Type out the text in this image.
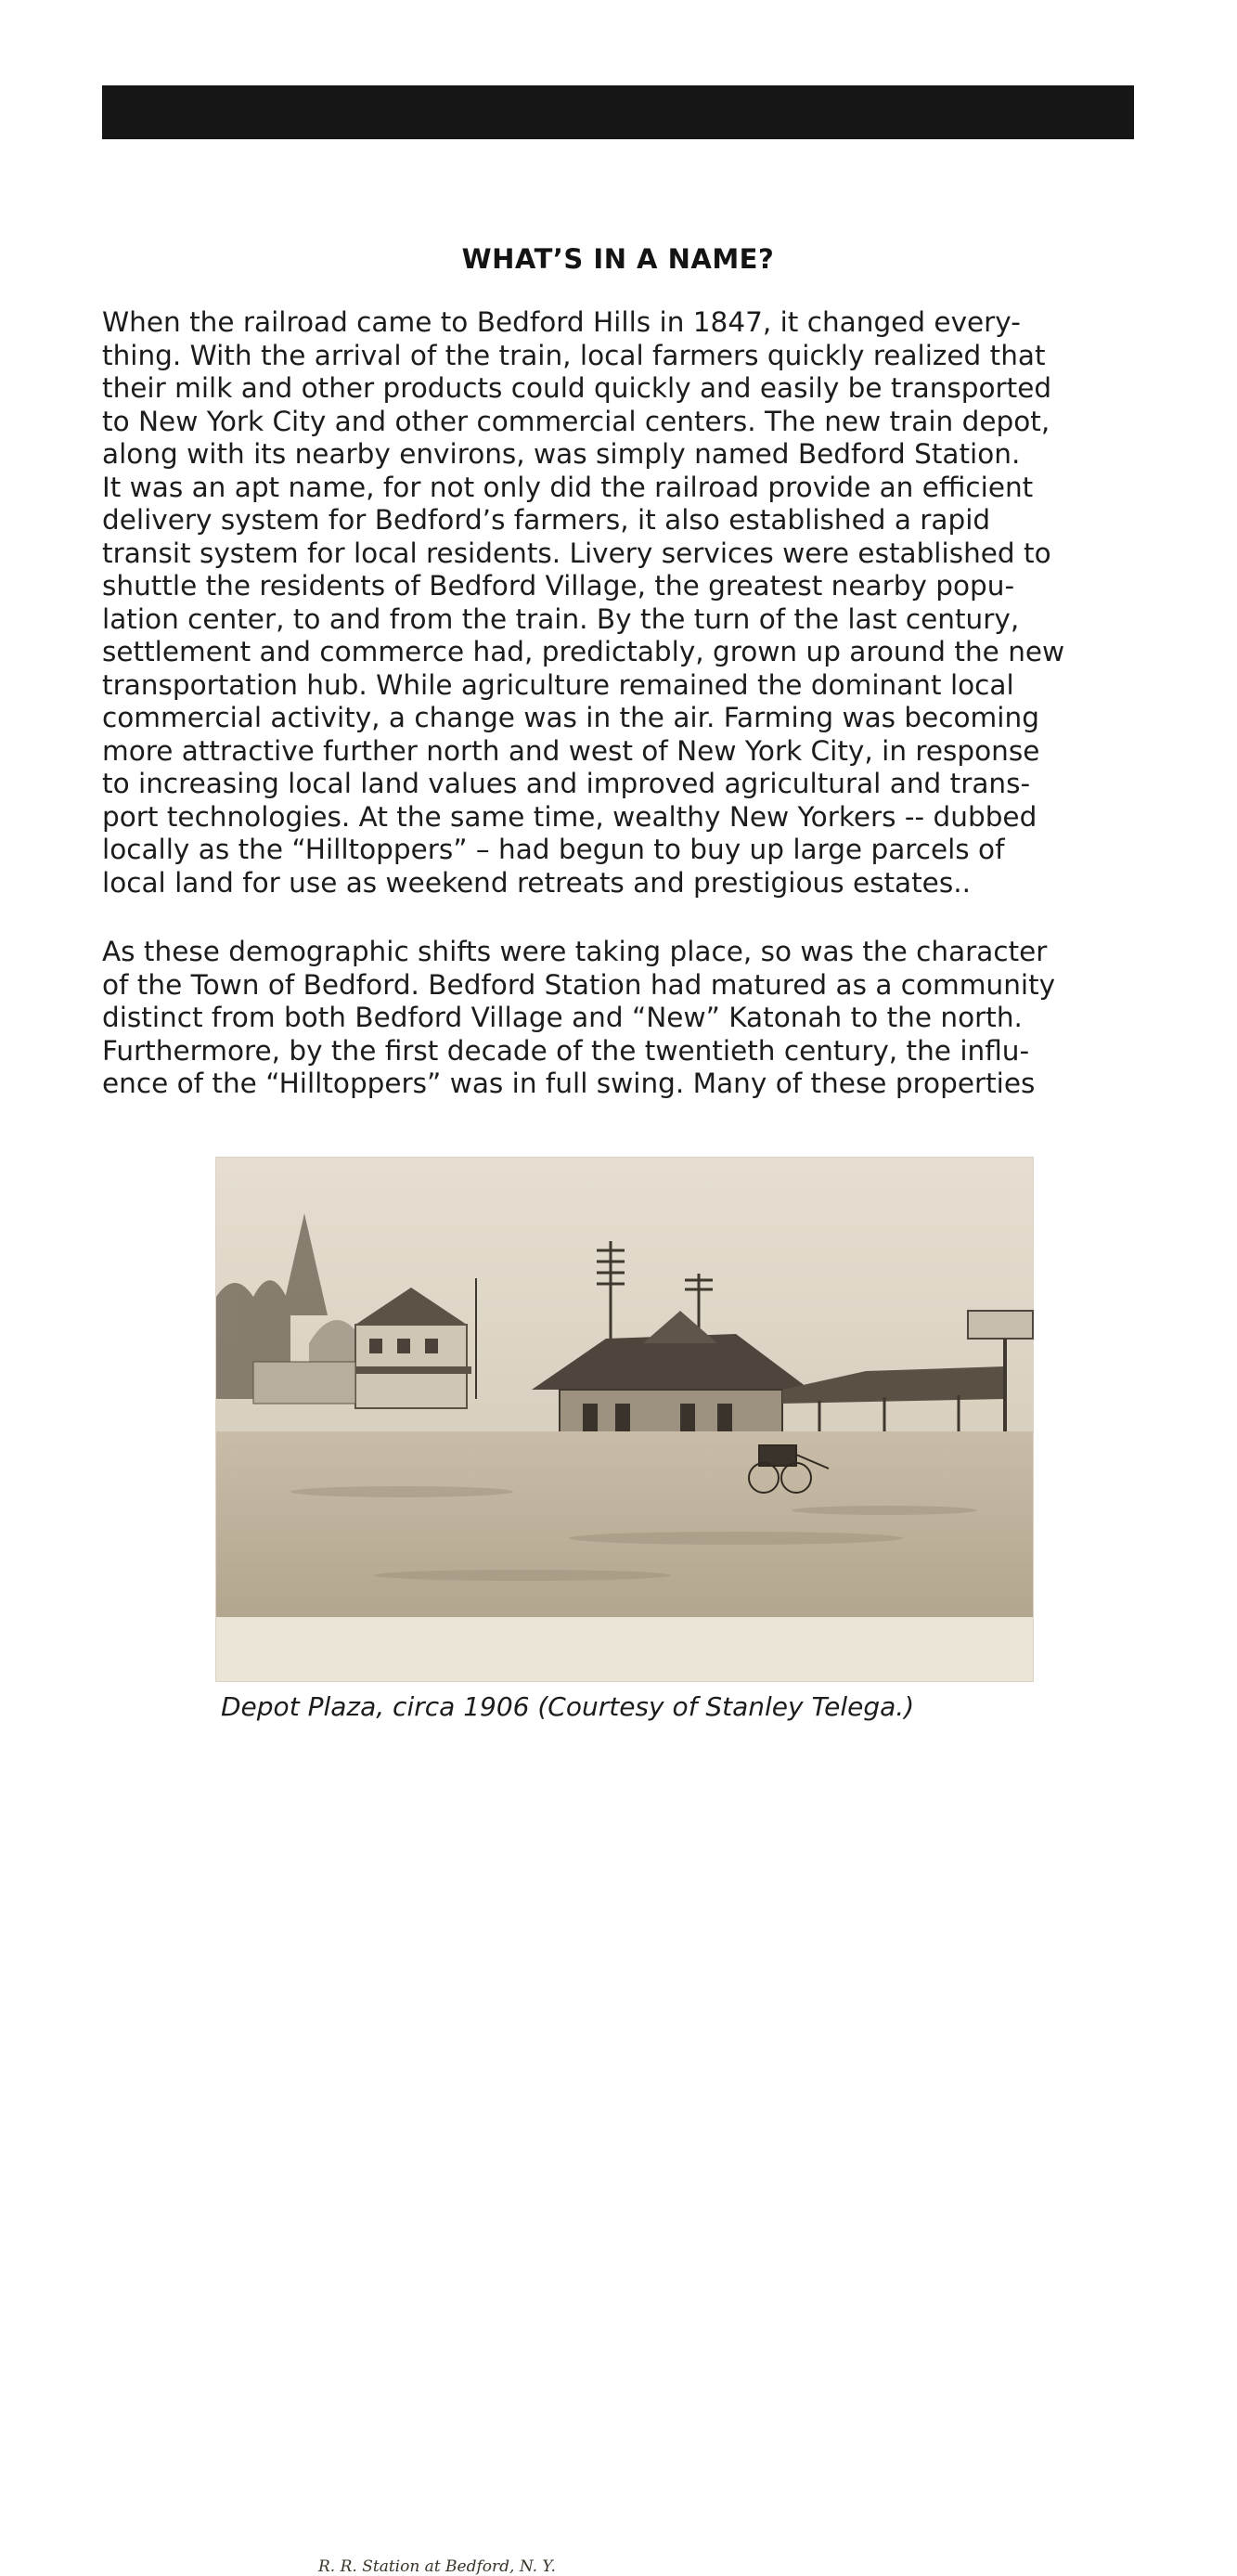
WHAT’S IN A NAME?
When the railroad came to Bedford Hills in 1847, it changed every-
thing. With the arrival of the train, local farmers quickly realized that
their milk and other products could quickly and easily be transported
to New York City and other commercial centers. The new train depot,
along with its nearby environs, was simply named Bedford Station.
It was an apt name, for not only did the railroad provide an efficient
delivery system for Bedford’s farmers, it also established a rapid
transit system for local residents. Livery services were established to
shuttle the residents of Bedford Village, the greatest nearby popu-
lation center, to and from the train. By the turn of the last century,
settlement and commerce had, predictably, grown up around the new
transportation hub. While agriculture remained the dominant local
commercial activity, a change was in the air. Farming was becoming
more attractive further north and west of New York City, in response
to increasing local land values and improved agricultural and trans-
port technologies. At the same time, wealthy New Yorkers -- dubbed
locally as the “Hilltoppers” – had begun to buy up large parcels of
local land for use as weekend retreats and prestigious estates..
As these demographic shifts were taking place, so was the character
of the Town of Bedford. Bedford Station had matured as a community
distinct from both Bedford Village and “New” Katonah to the north.
Furthermore, by the first decade of the twentieth century, the influ-
ence of the “Hilltoppers” was in full swing. Many of these properties
R. R. Station at Bedford, N. Y.
Depot Plaza, circa 1906 (Courtesy of Stanley Telega.)
